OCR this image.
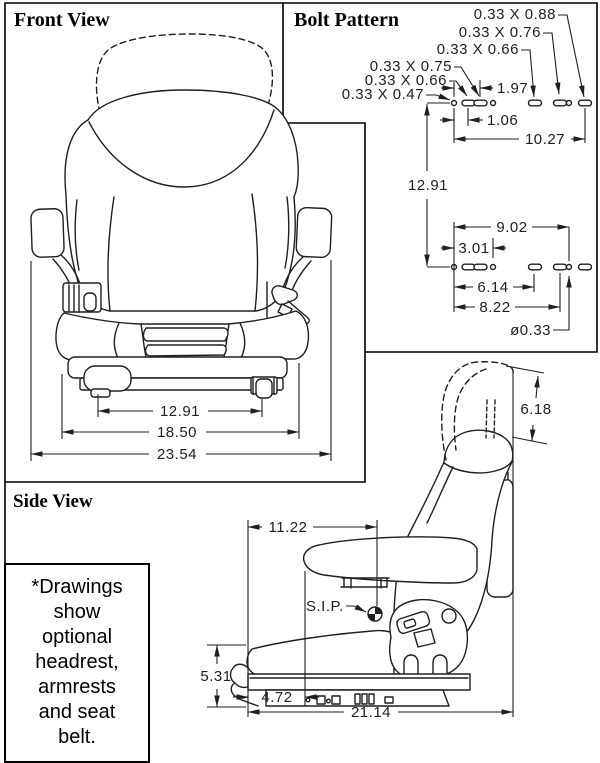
Front View	Bolt Pattern
Side View
12.91
18.50
23.54
0.33 X 0.88
0.33 X 0.76
0.33 X 0.66
0.33 X 0.75
0.33 X 0.66
0.33 X 0.47	1.97
1.06
10.27
12.91
9.02
3.01
6.14
8.22
ø0.33
11.22
6.18
S.I.P.
5.31
4.72
21.14
*Drawings
show
optional
headrest,
armrests
and seat
belt.
